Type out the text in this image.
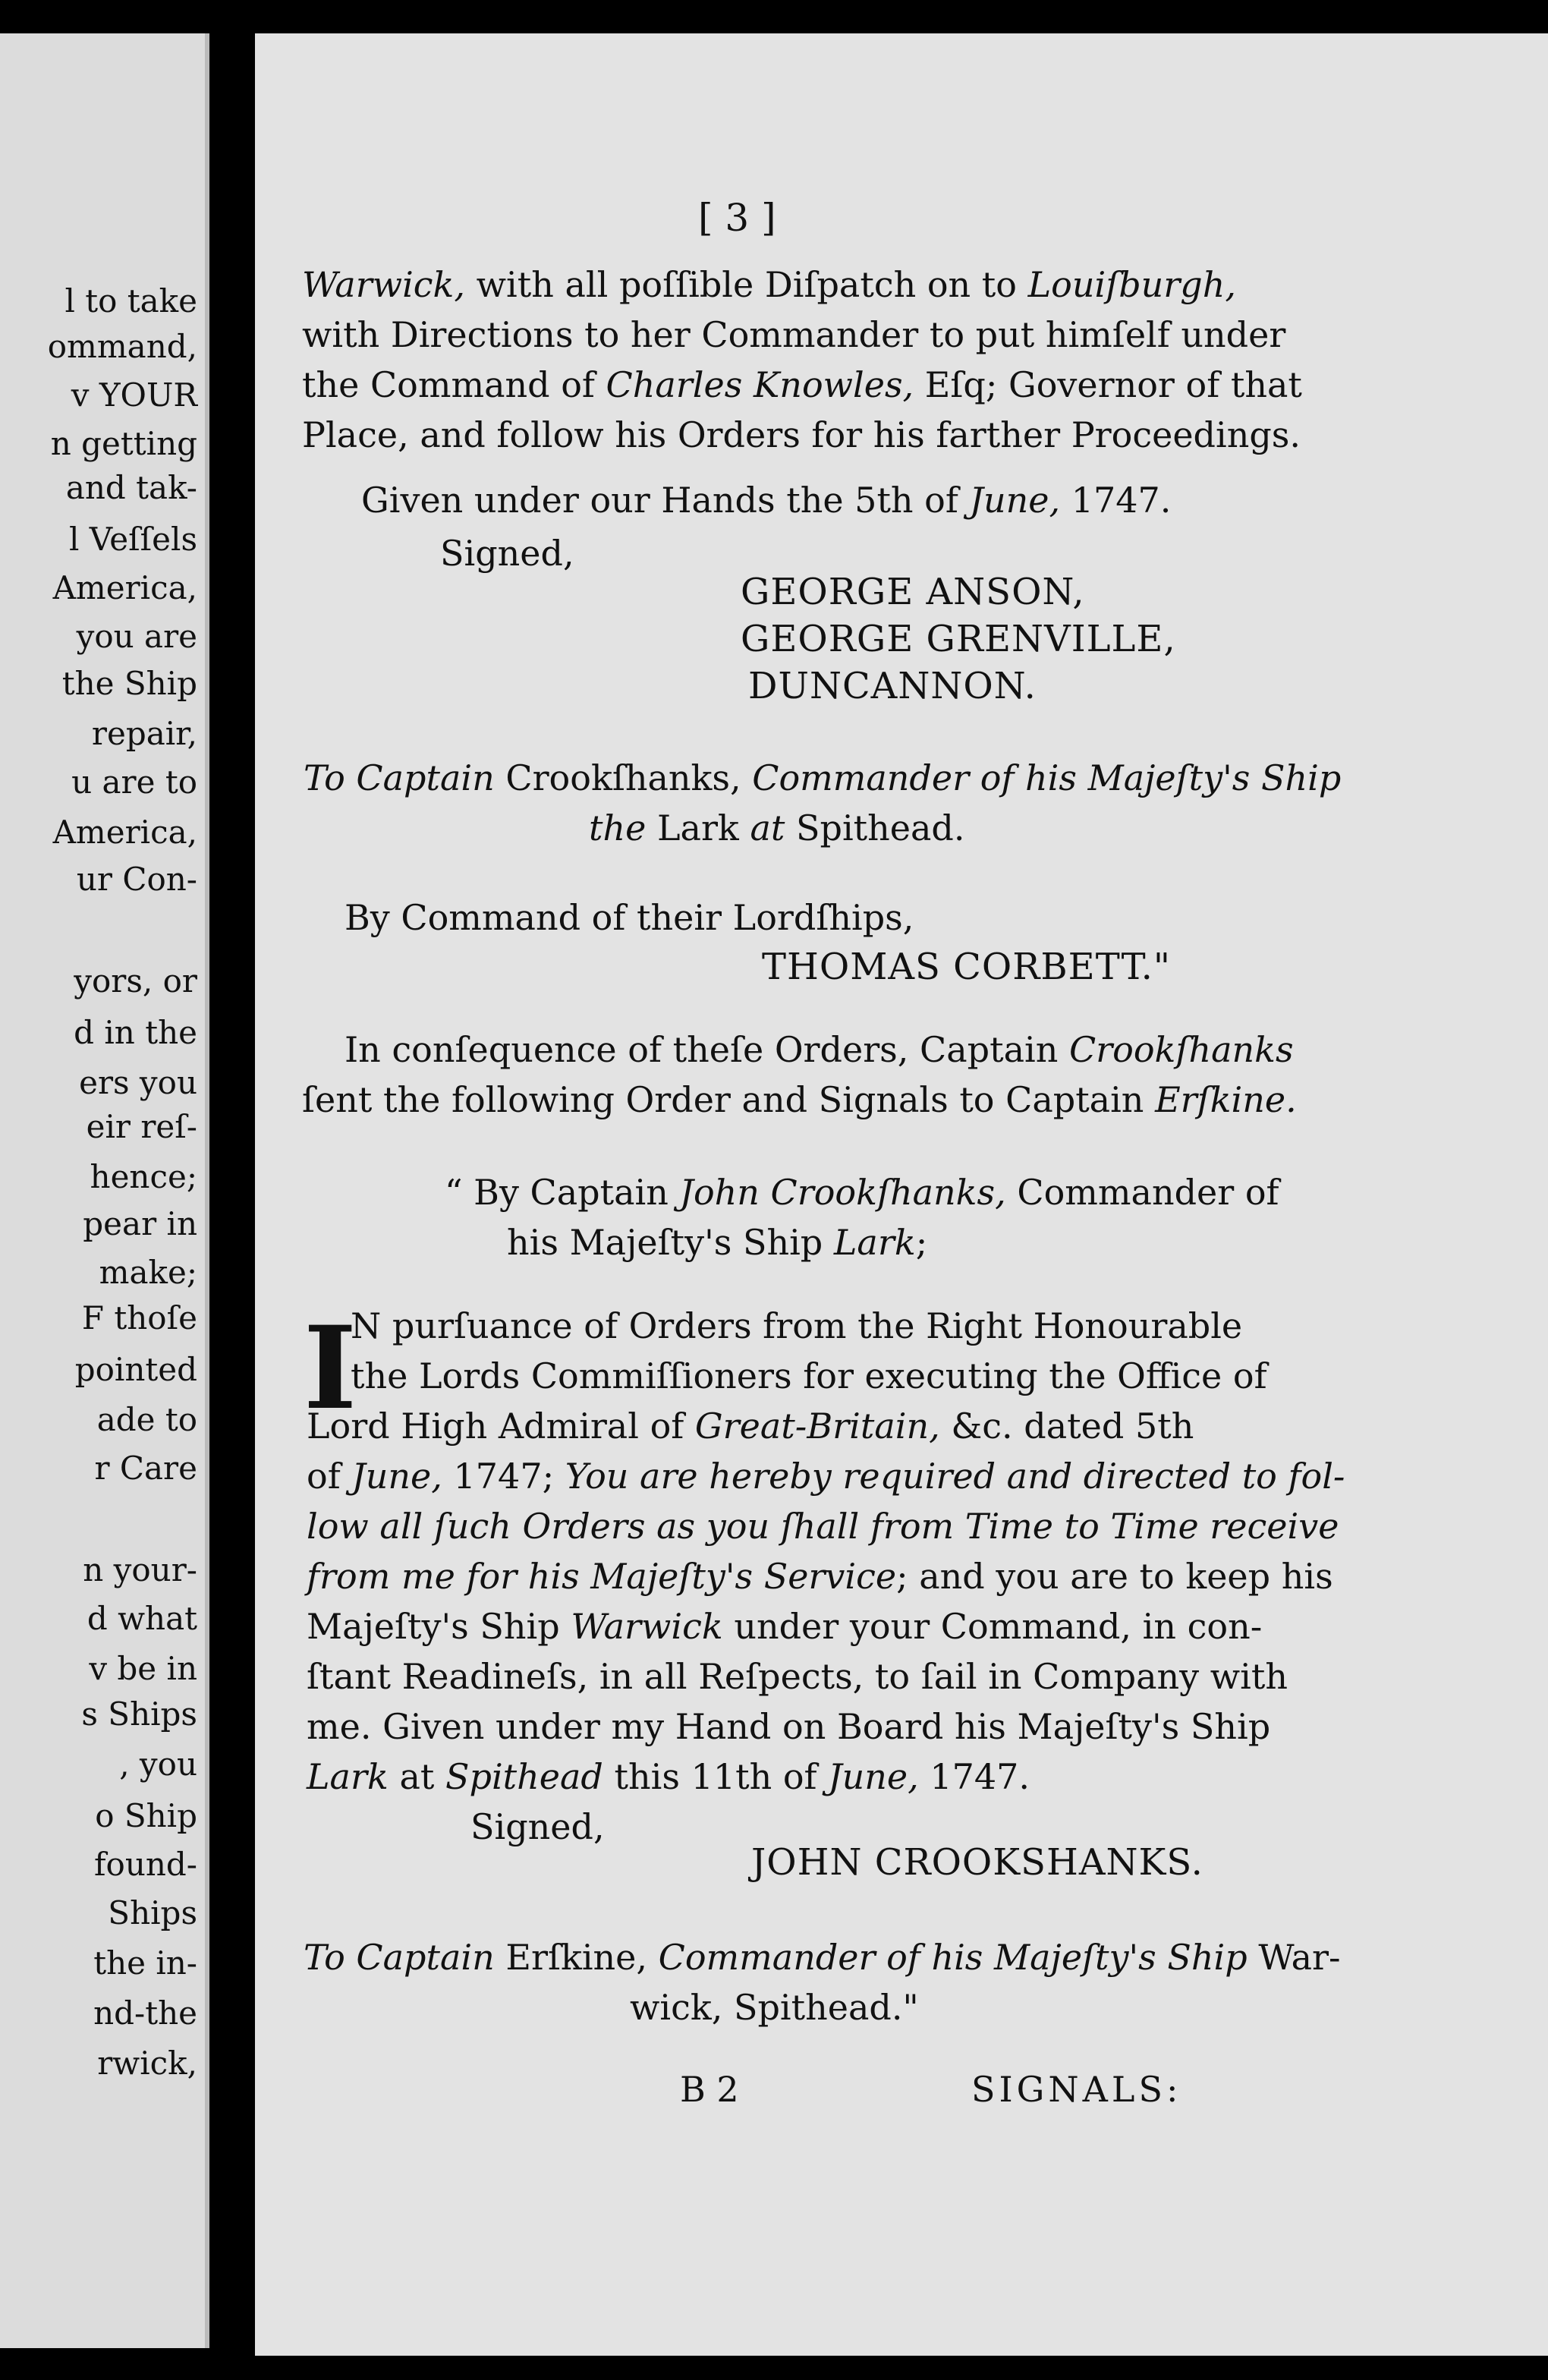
l to take
ommand,
v YOUR
n getting
and tak-
l Veſſels
America,
you are
the Ship
repair,
u are to
America,
ur Con-
yors, or
d in the
ers you
eir reſ-
hence;
pear in
make;
F thoſe
pointed
ade to
r Care
n your-
d what
v be in
s Ships
, you
o Ship
found-
Ships
the in-
nd-the
rwick,
[ 3 ]
Warwick, with all poſſible Diſpatch on to Louiſburgh,
with Directions to her Commander to put himſelf under
the Command of Charles Knowles, Eſq; Governor of that
Place, and follow his Orders for his farther Proceedings.
Given under our Hands the 5th of June, 1747.
Signed,
GEORGE ANSON,
GEORGE GRENVILLE,
DUNCANNON.
To Captain Crookſhanks, Commander of his Majeſty's Ship
the Lark at Spithead.
By Command of their Lordſhips,
THOMAS CORBETT."
In conſequence of theſe Orders, Captain Crookſhanks
ſent the following Order and Signals to Captain Erſkine.
“ By Captain John Crookſhanks, Commander of
his Majeſty's Ship Lark;
I
N purſuance of Orders from the Right Honourable
the Lords Commiſſioners for executing the Office of
Lord High Admiral of Great-Britain, &c. dated 5th
of June, 1747; You are hereby required and directed to fol-
low all ſuch Orders as you ſhall from Time to Time receive
from me for his Majeſty's Service; and you are to keep his
Majeſty's Ship Warwick under your Command, in con-
ſtant Readineſs, in all Reſpects, to ſail in Company with
me. Given under my Hand on Board his Majeſty's Ship
Lark at Spithead this 11th of June, 1747.
Signed,
JOHN CROOKSHANKS.
To Captain Erſkine, Commander of his Majeſty's Ship War-
wick, Spithead."
B 2	SIGNALS:
